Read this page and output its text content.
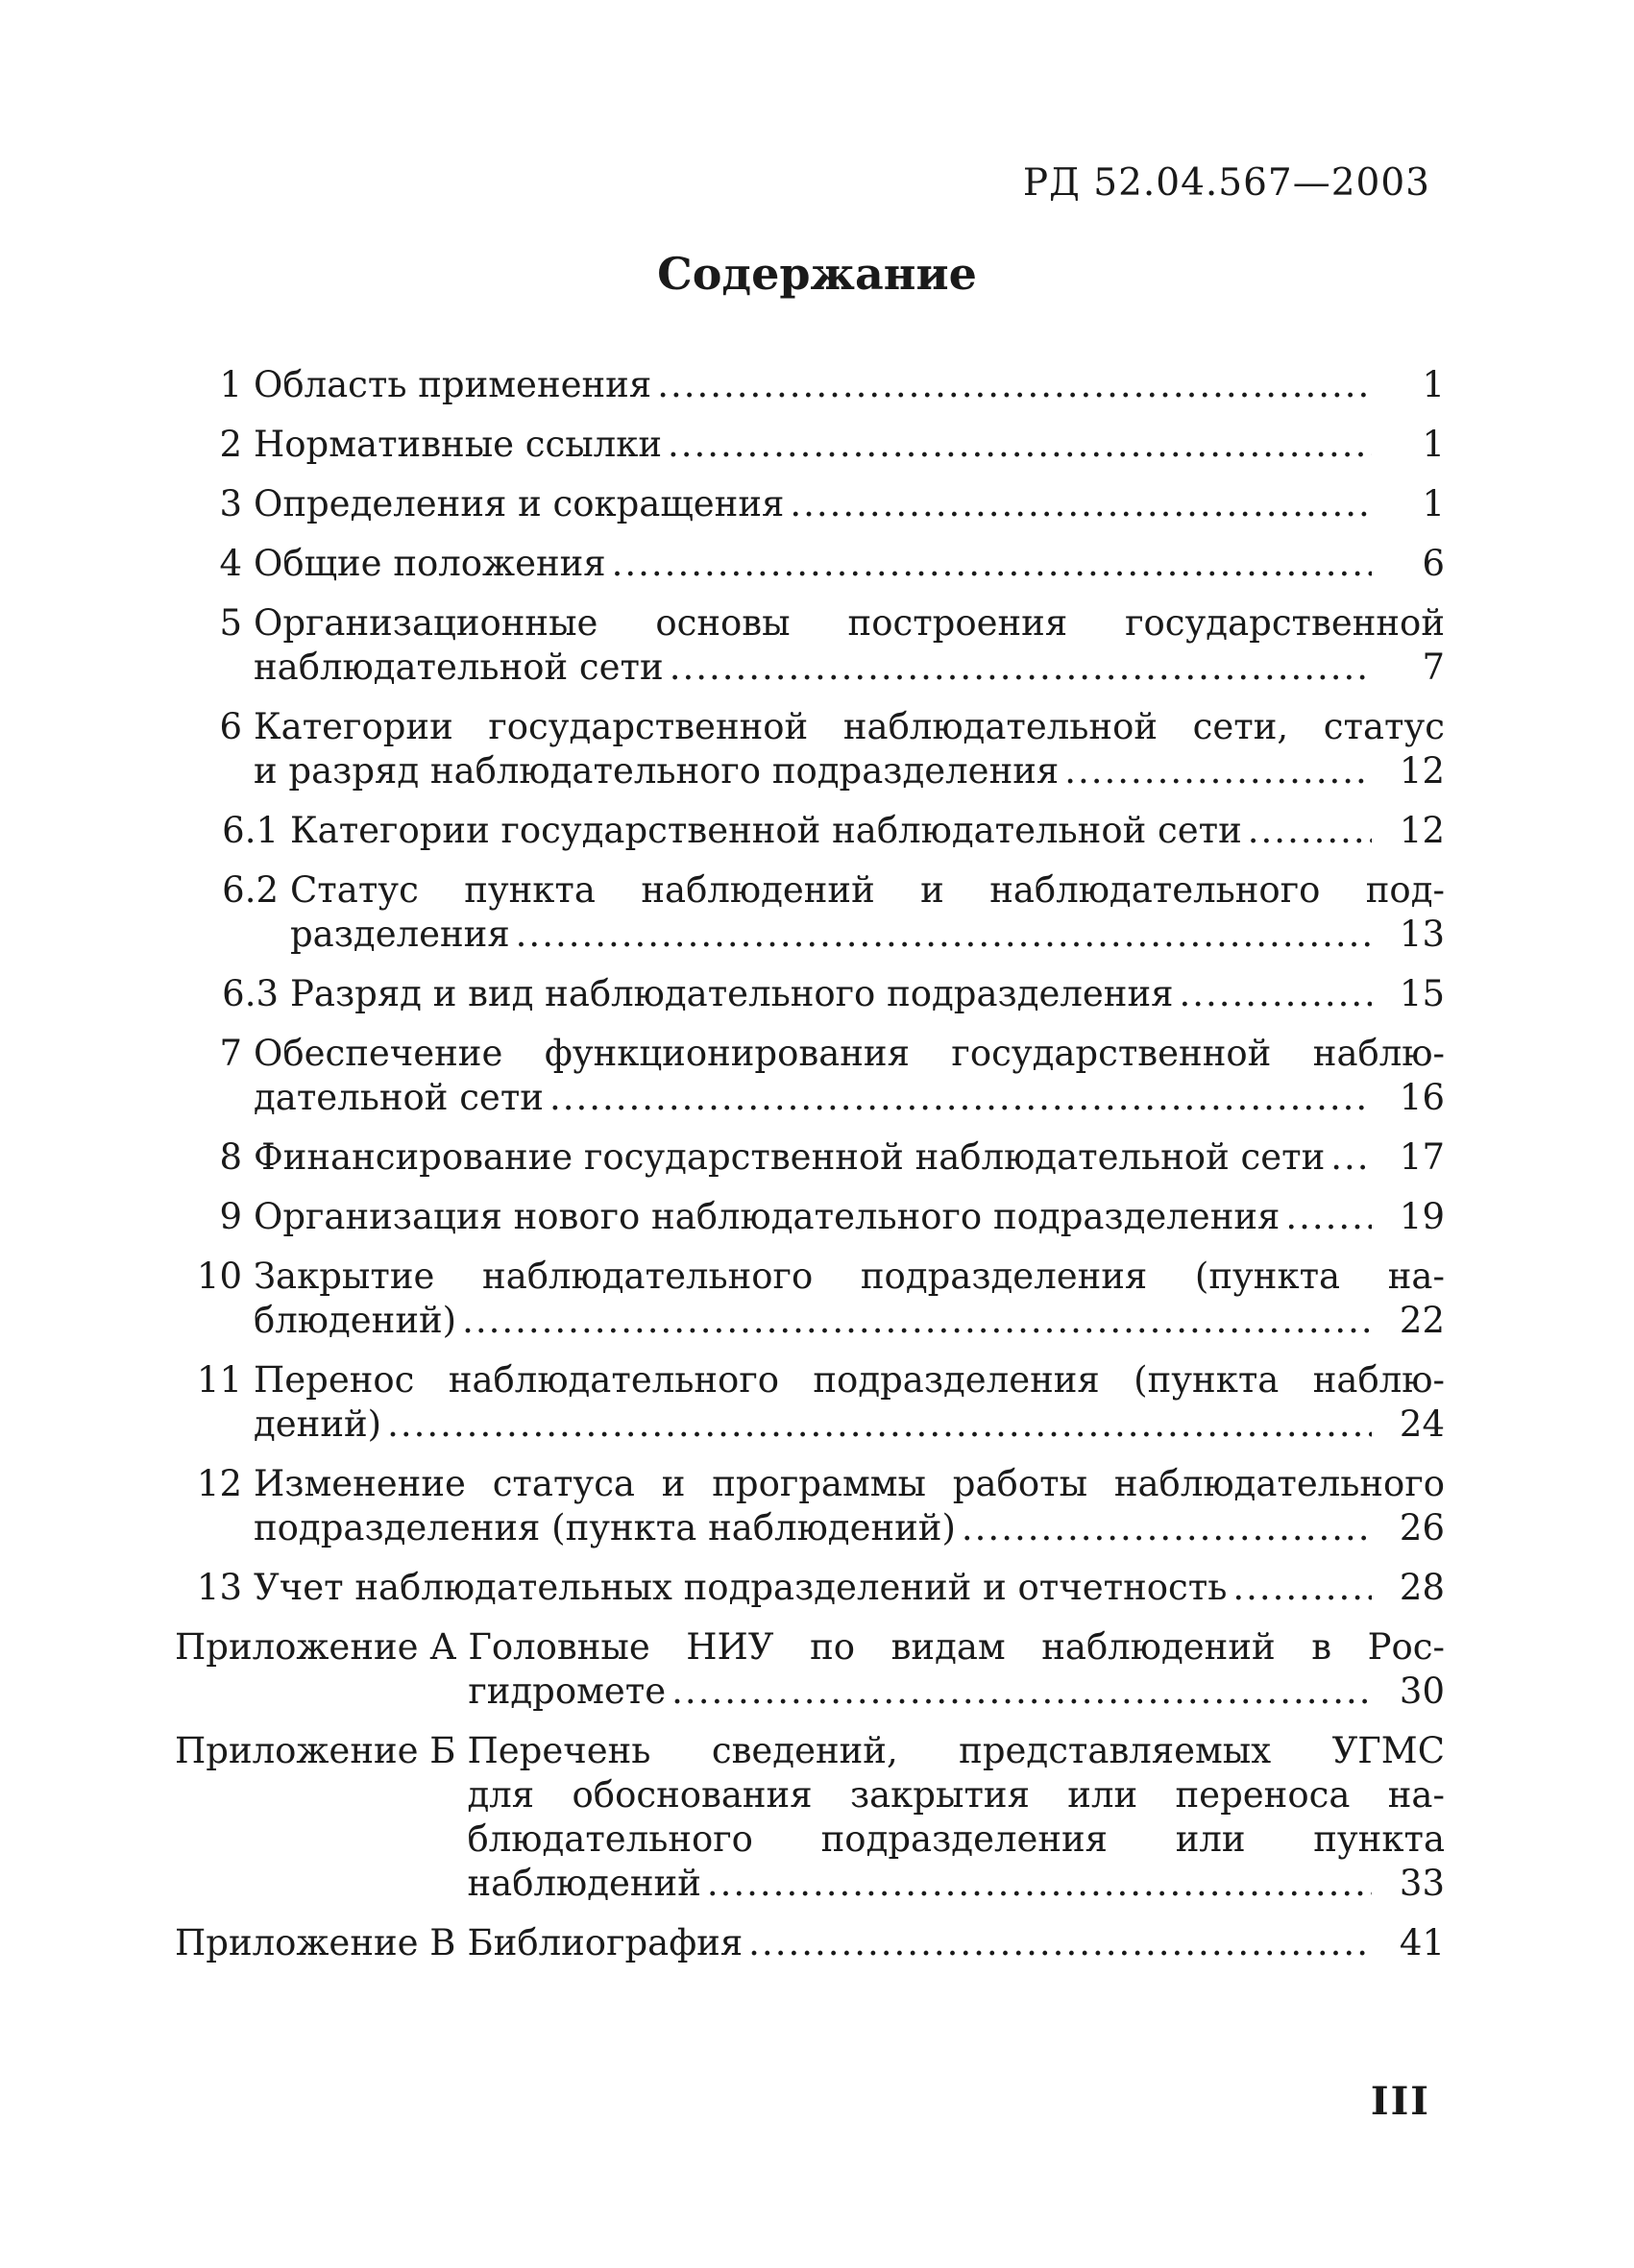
РД 52.04.567—2003
Содержание
1 Область применения .....	1
2 Нормативные ссылки .....	1
3 Определения и сокращения .....	1
4 Общие положения .....	6
5 Организационные основы построения государственной
наблюдательной сети .....	7
6 Категории государственной наблюдательной сети, статус
и разряд наблюдательного подразделения .....	12
6.1 Категории государственной наблюдательной сети .....	12
6.2 Статус пункта наблюдений и наблюдательного под-
разделения .....	13
6.3 Разряд и вид наблюдательного подразделения .....	15
7 Обеспечение функционирования государственной наблю-
дательной сети .....	16
8 Финансирование государственной наблюдательной сети .....	17
9 Организация нового наблюдательного подразделения .....	19
10 Закрытие наблюдательного подразделения (пункта на-
блюдений) .....	22
11 Перенос наблюдательного подразделения (пункта наблю-
дений) .....	24
12 Изменение статуса и программы работы наблюдательного
подразделения (пункта наблюдений) .....	26
13 Учет наблюдательных подразделений и отчетность .....	28
Приложение А Головные НИУ по видам наблюдений в Рос-
гидромете .....	30
Приложение Б Перечень сведений, представляемых УГМС
для обоснования закрытия или переноса на-
блюдательного подразделения или пункта
наблюдений .....	33
Приложение В Библиография .....	41
III
